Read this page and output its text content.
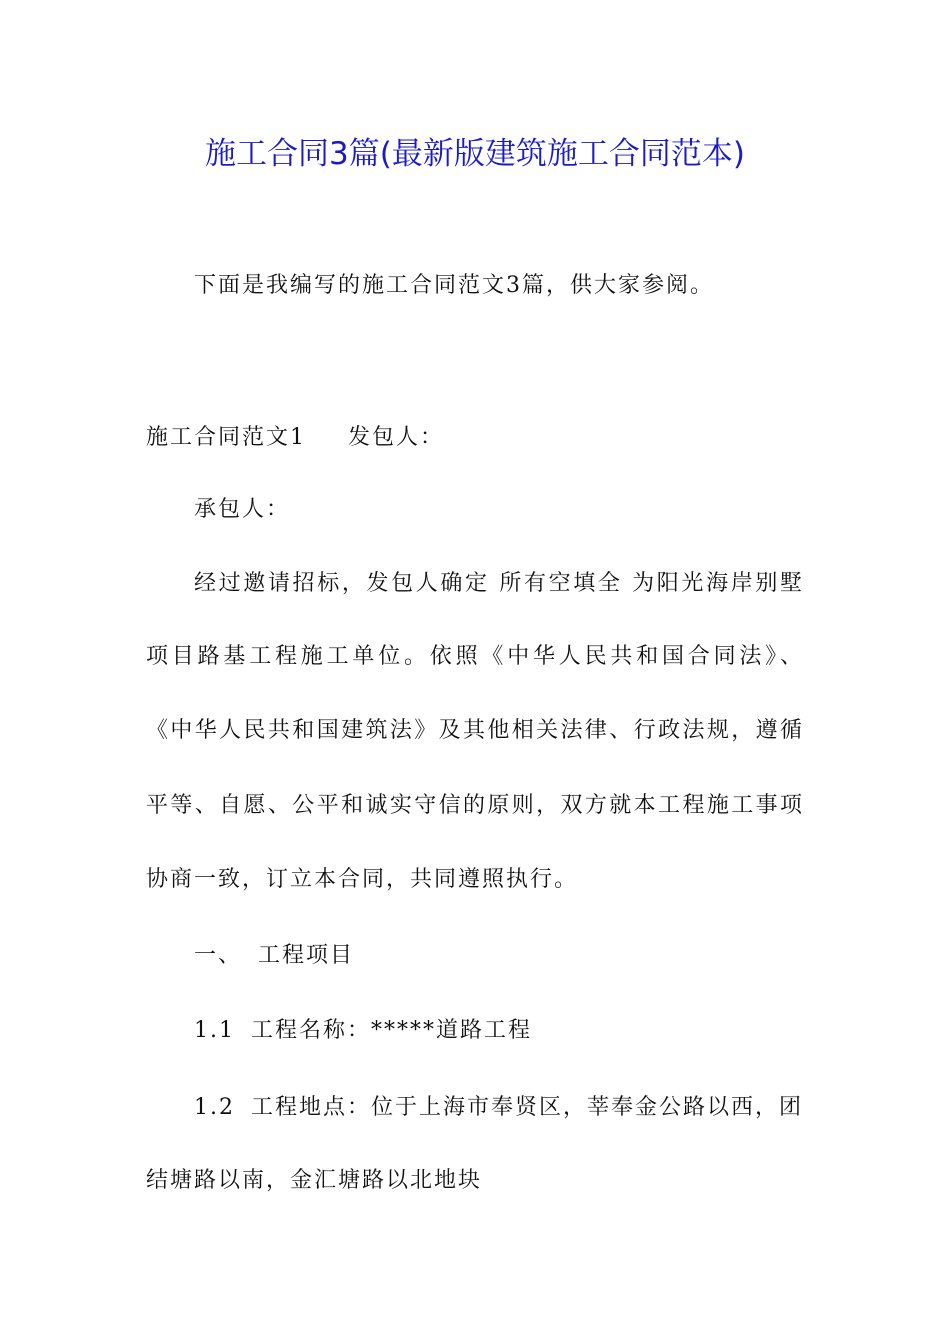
施工合同3篇(最新版建筑施工合同范本)
下面是我编写的施工合同范文3篇，供大家参阅。
施工合同范文1 发包人：
承包人：
经过邀请招标，发包人确定 所有空填全 为阳光海岸别墅
项目路基工程施工单位。依照《中华人民共和国合同法》、
《中华人民共和国建筑法》及其他相关法律、行政法规，遵循
平等、自愿、公平和诚实守信的原则，双方就本工程施工事项
协商一致，订立本合同，共同遵照执行。
一、 工程项目
1.1 工程名称：*****道路工程
1.2 工程地点：位于上海市奉贤区，莘奉金公路以西，团
结塘路以南，金汇塘路以北地块
